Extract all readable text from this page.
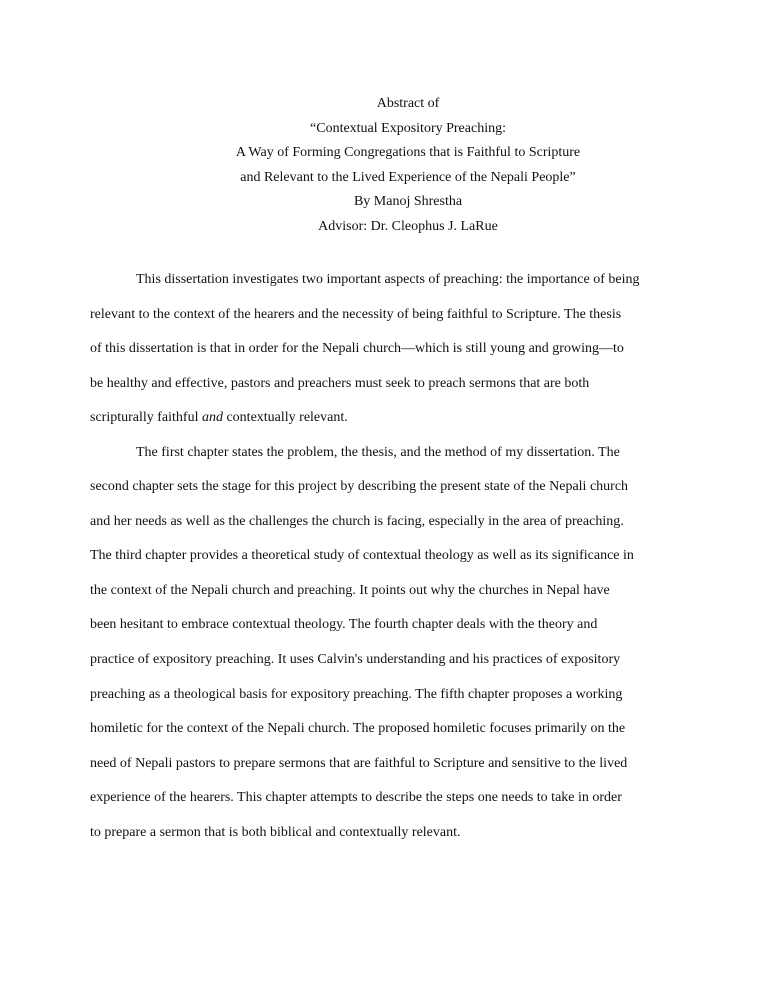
Abstract of
“Contextual Expository Preaching:
A Way of Forming Congregations that is Faithful to Scripture
and Relevant to the Lived Experience of the Nepali People”
By Manoj Shrestha
Advisor: Dr. Cleophus J. LaRue
This dissertation investigates two important aspects of preaching: the importance of being
relevant to the context of the hearers and the necessity of being faithful to Scripture. The thesis
of this dissertation is that in order for the Nepali church—which is still young and growing—to
be healthy and effective, pastors and preachers must seek to preach sermons that are both
scripturally faithful and contextually relevant.
The first chapter states the problem, the thesis, and the method of my dissertation. The
second chapter sets the stage for this project by describing the present state of the Nepali church
and her needs as well as the challenges the church is facing, especially in the area of preaching.
The third chapter provides a theoretical study of contextual theology as well as its significance in
the context of the Nepali church and preaching. It points out why the churches in Nepal have
been hesitant to embrace contextual theology. The fourth chapter deals with the theory and
practice of expository preaching. It uses Calvin's understanding and his practices of expository
preaching as a theological basis for expository preaching. The fifth chapter proposes a working
homiletic for the context of the Nepali church. The proposed homiletic focuses primarily on the
need of Nepali pastors to prepare sermons that are faithful to Scripture and sensitive to the lived
experience of the hearers. This chapter attempts to describe the steps one needs to take in order
to prepare a sermon that is both biblical and contextually relevant.
